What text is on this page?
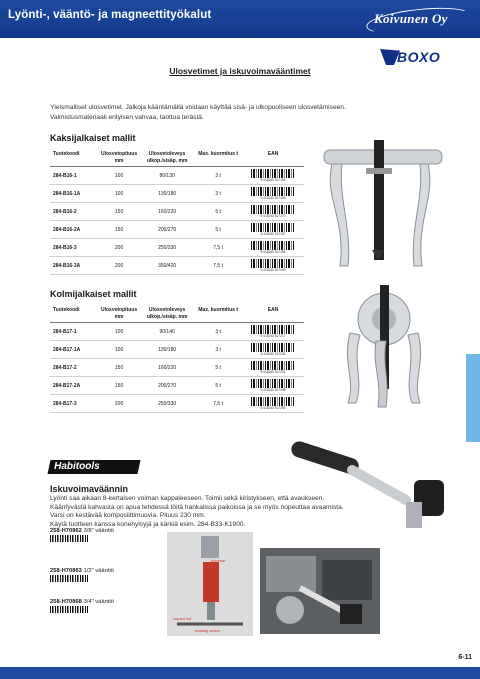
Lyönti-, vääntö- ja magneettityökalut	Koivunen Oy
BOXO
Ulosvetimet ja iskuvoimavääntimet
Yleismalliset ulosvetimet. Jalkoja kääntämällä voidaan käyttää sisä- ja ulkopuoliseen ulosvetämiseen.
Valmistusmateriaali erityisen vahvaa, taottua terästä.
Kaksijalkaiset mallit
Tuotekoodi	Ulosvetopituus mm	Ulosvetoleveys ulkop./sisäp. mm	Max. kuormitus t	EAN
284-B16-1	100	80/130	3 t	6 416240 517156

284-B16-1A	100	130/180	3 t	6 416240 517163

284-B16-2	150	160/220	5 t	6 416240 517170

284-B16-2A	150	200/270	5 t	6 416240 517187

284-B16-3	200	250/330	7,5 t	6 416240 517194

284-B16-3A	200	350/420	7,5 t	6 416240 517200
Kolmijalkaiset mallit
Tuotekoodi	Ulosvetopituus mm	Ulosvetoleveys ulkop./sisäp. mm	Max. kuormitus t	EAN
284-B17-1	100	90/140	3 t	6 416240 517217

284-B17-1A	100	130/180	3 t	6 416240 517224

284-B17-2	150	160/220	5 t	6 416240 517231

284-B17-2A	150	200/270	5 t	6 416240 517248

284-B17-3	200	250/330	7,5 t	6 416240 517255
Habitools
Iskuvoimaväännin
Lyönti saa aikaan 8-kertaisen voiman kappaleeseen. Toimii sekä kiristykseen, että avaukseen.
Kääntyvästä kahvasta on apua tehdessä töitä hankalissa paikoissa ja se myös nopeuttaa avaamista.
Varsi on kestävää komposiittimuovia. Pituus 230 mm.
Käytä tuotteen kanssa konehylsyjä ja kärkiä esim. 284-B33-K1900.
258-H70862 3/8" vääntiö
258-H70863 1/2" vääntiö
258-H70868 3/4" vääntiö
hammer
impact bar
twisting action
6-11
